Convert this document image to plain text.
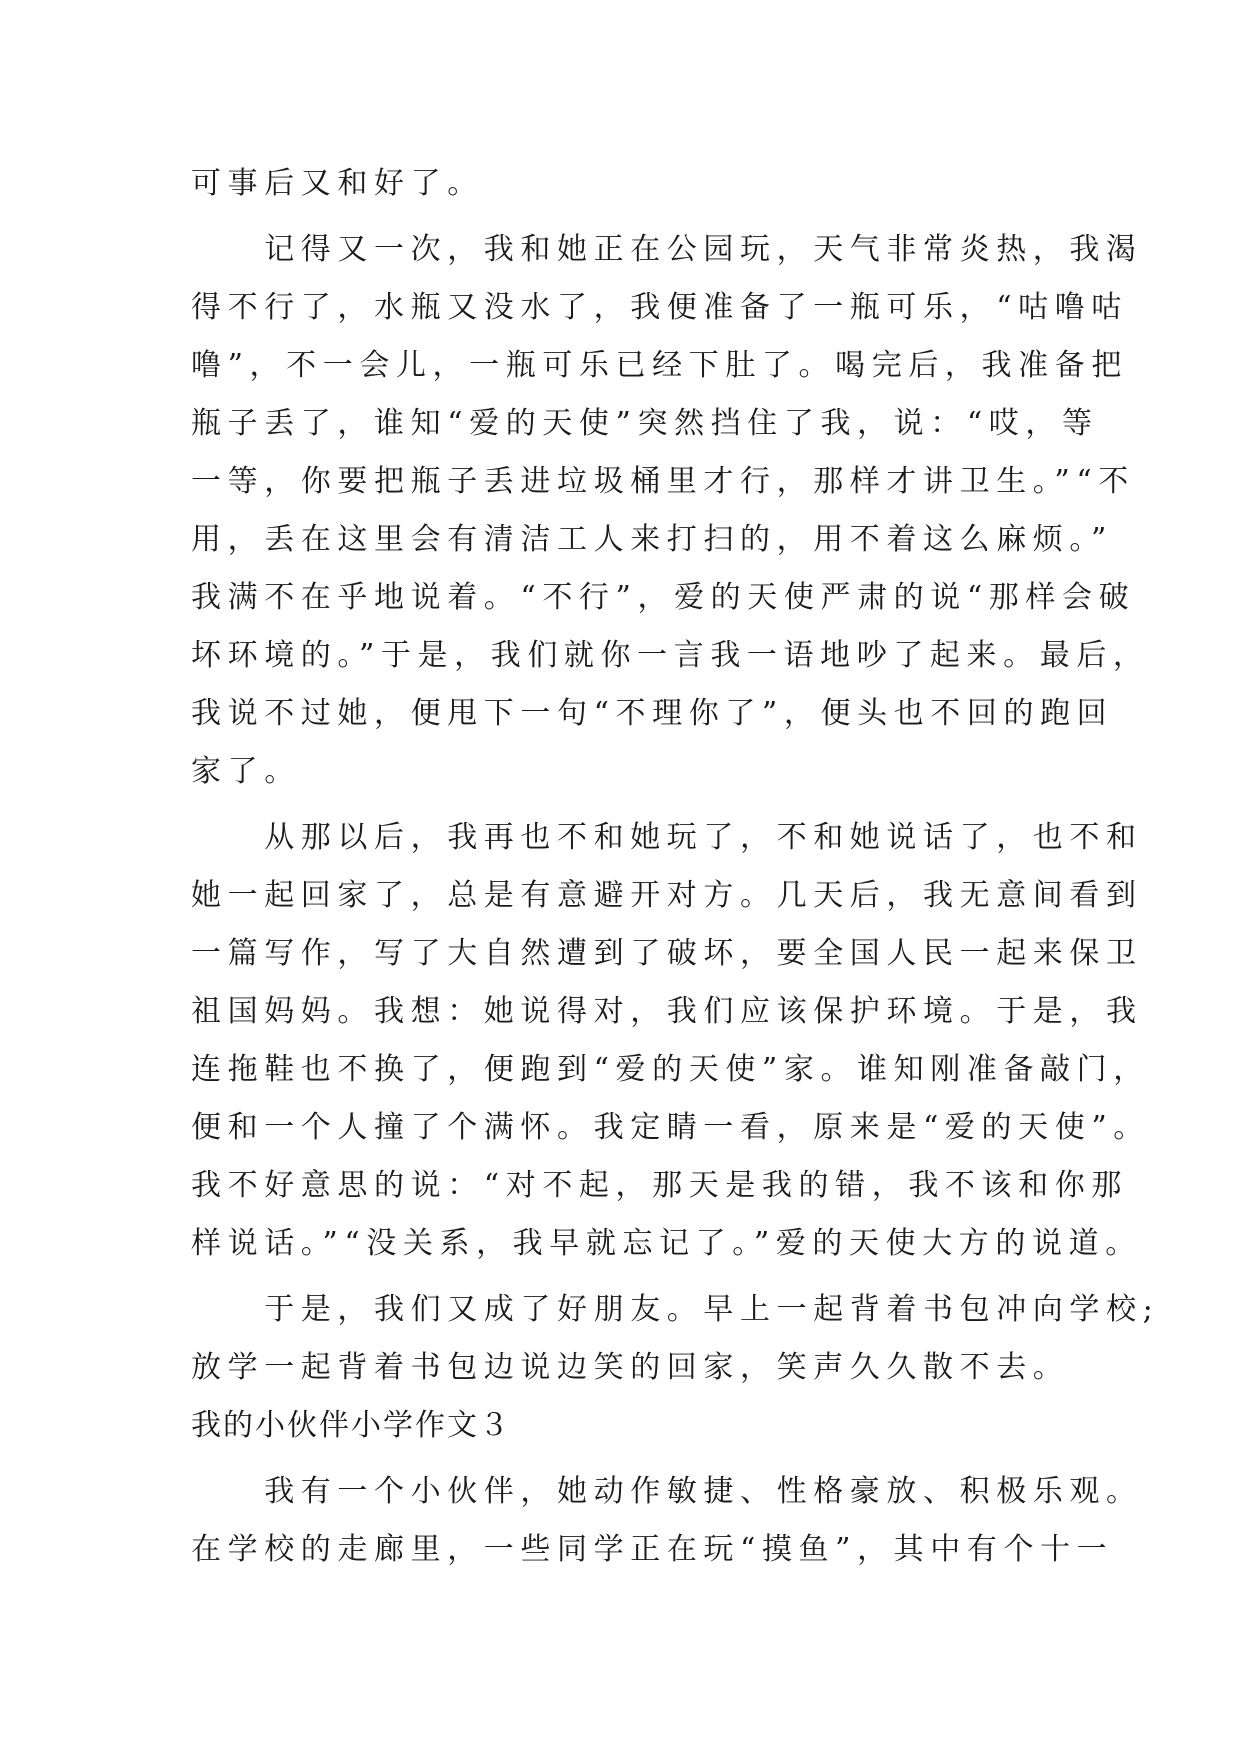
可事后又和好了。
　　记得又一次，我和她正在公园玩，天气非常炎热，我渴
得不行了，水瓶又没水了，我便准备了一瓶可乐，“咕噜咕
噜”，不一会儿，一瓶可乐已经下肚了。喝完后，我准备把
瓶子丢了，谁知“爱的天使”突然挡住了我，说：“哎，等
一等，你要把瓶子丢进垃圾桶里才行，那样才讲卫生。”“不
用，丢在这里会有清洁工人来打扫的，用不着这么麻烦。”
我满不在乎地说着。“不行”，爱的天使严肃的说“那样会破
坏环境的。”于是，我们就你一言我一语地吵了起来。最后，
我说不过她，便甩下一句“不理你了”，便头也不回的跑回
家了。
　　从那以后，我再也不和她玩了，不和她说话了，也不和
她一起回家了，总是有意避开对方。几天后，我无意间看到
一篇写作，写了大自然遭到了破坏，要全国人民一起来保卫
祖国妈妈。我想：她说得对，我们应该保护环境。于是，我
连拖鞋也不换了，便跑到“爱的天使”家。谁知刚准备敲门，
便和一个人撞了个满怀。我定睛一看，原来是“爱的天使”。
我不好意思的说：“对不起，那天是我的错，我不该和你那
样说话。”“没关系，我早就忘记了。”爱的天使大方的说道。
　　于是，我们又成了好朋友。早上一起背着书包冲向学校;
放学一起背着书包边说边笑的回家，笑声久久散不去。
我的小伙伴小学作文３
　　我有一个小伙伴，她动作敏捷、性格豪放、积极乐观。
在学校的走廊里，一些同学正在玩“摸鱼”，其中有个十一
